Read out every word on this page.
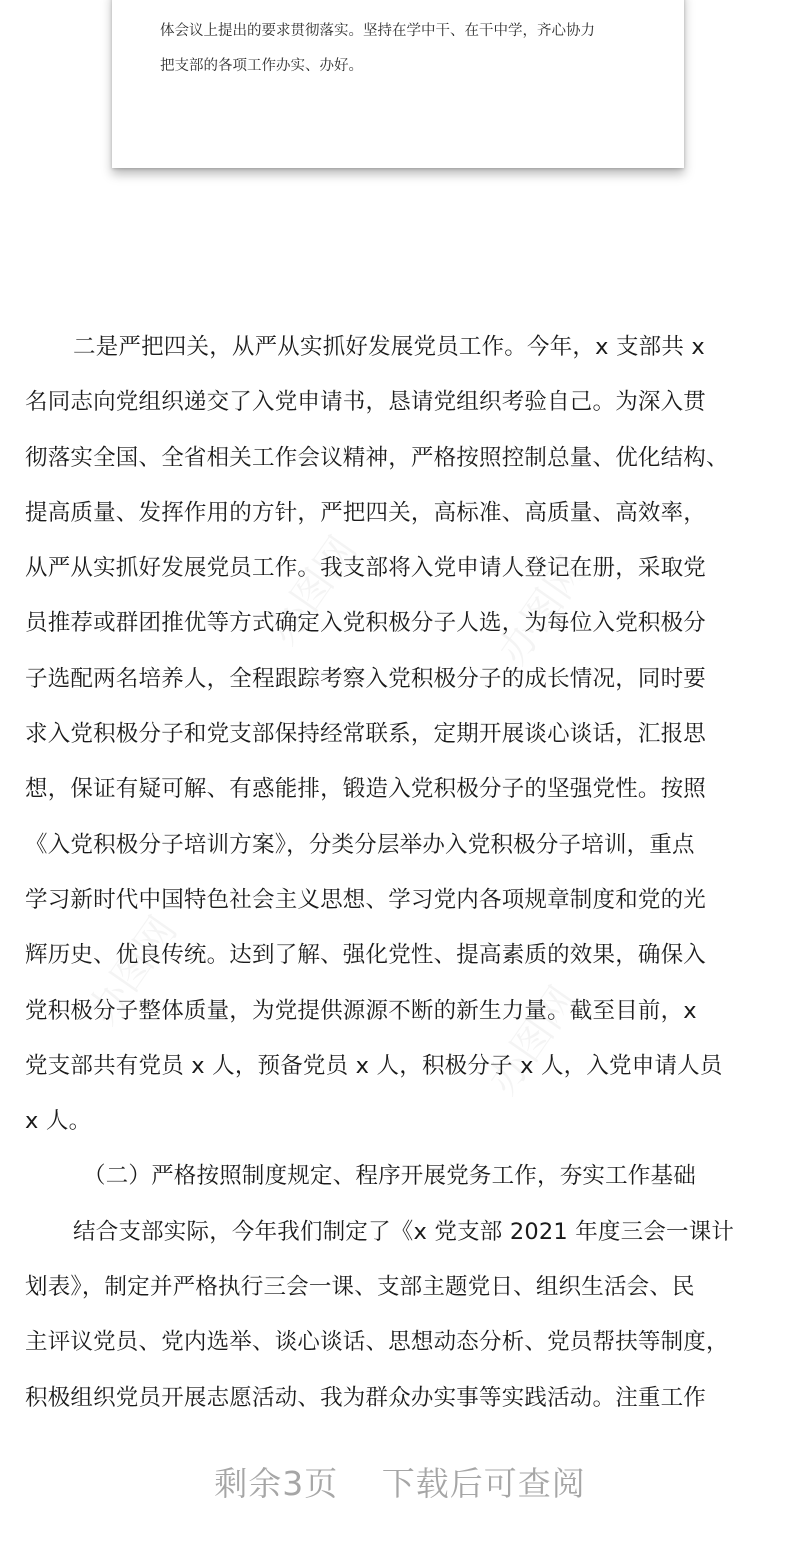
体会议上提出的要求贯彻落实。坚持在学中干、在干中学，齐心协力
把支部的各项工作办实、办好。

二是严把四关，从严从实抓好发展党员工作。今年，x 支部共 x
名同志向党组织递交了入党申请书，恳请党组织考验自己。为深入贯
彻落实全国、全省相关工作会议精神，严格按照控制总量、优化结构、
提高质量、发挥作用的方针，严把四关，高标准、高质量、高效率，
从严从实抓好发展党员工作。我支部将入党申请人登记在册，采取党
员推荐或群团推优等方式确定入党积极分子人选，为每位入党积极分
子选配两名培养人，全程跟踪考察入党积极分子的成长情况，同时要
求入党积极分子和党支部保持经常联系，定期开展谈心谈话，汇报思
想，保证有疑可解、有惑能排，锻造入党积极分子的坚强党性。按照
《入党积极分子培训方案》，分类分层举办入党积极分子培训，重点
学习新时代中国特色社会主义思想、学习党内各项规章制度和党的光
辉历史、优良传统。达到了解、强化党性、提高素质的效果，确保入
党积极分子整体质量，为党提供源源不断的新生力量。截至目前，x
党支部共有党员 x 人，预备党员 x 人，积极分子 x 人，入党申请人员
x 人。
（二）严格按照制度规定、程序开展党务工作，夯实工作基础
结合支部实际，今年我们制定了《x 党支部 2021 年度三会一课计
划表》，制定并严格执行三会一课、支部主题党日、组织生活会、民
主评议党员、党内选举、谈心谈话、思想动态分析、党员帮扶等制度，
积极组织党员开展志愿活动、我为群众办实事等实践活动。注重工作
剩余3页 下载后可查阅
